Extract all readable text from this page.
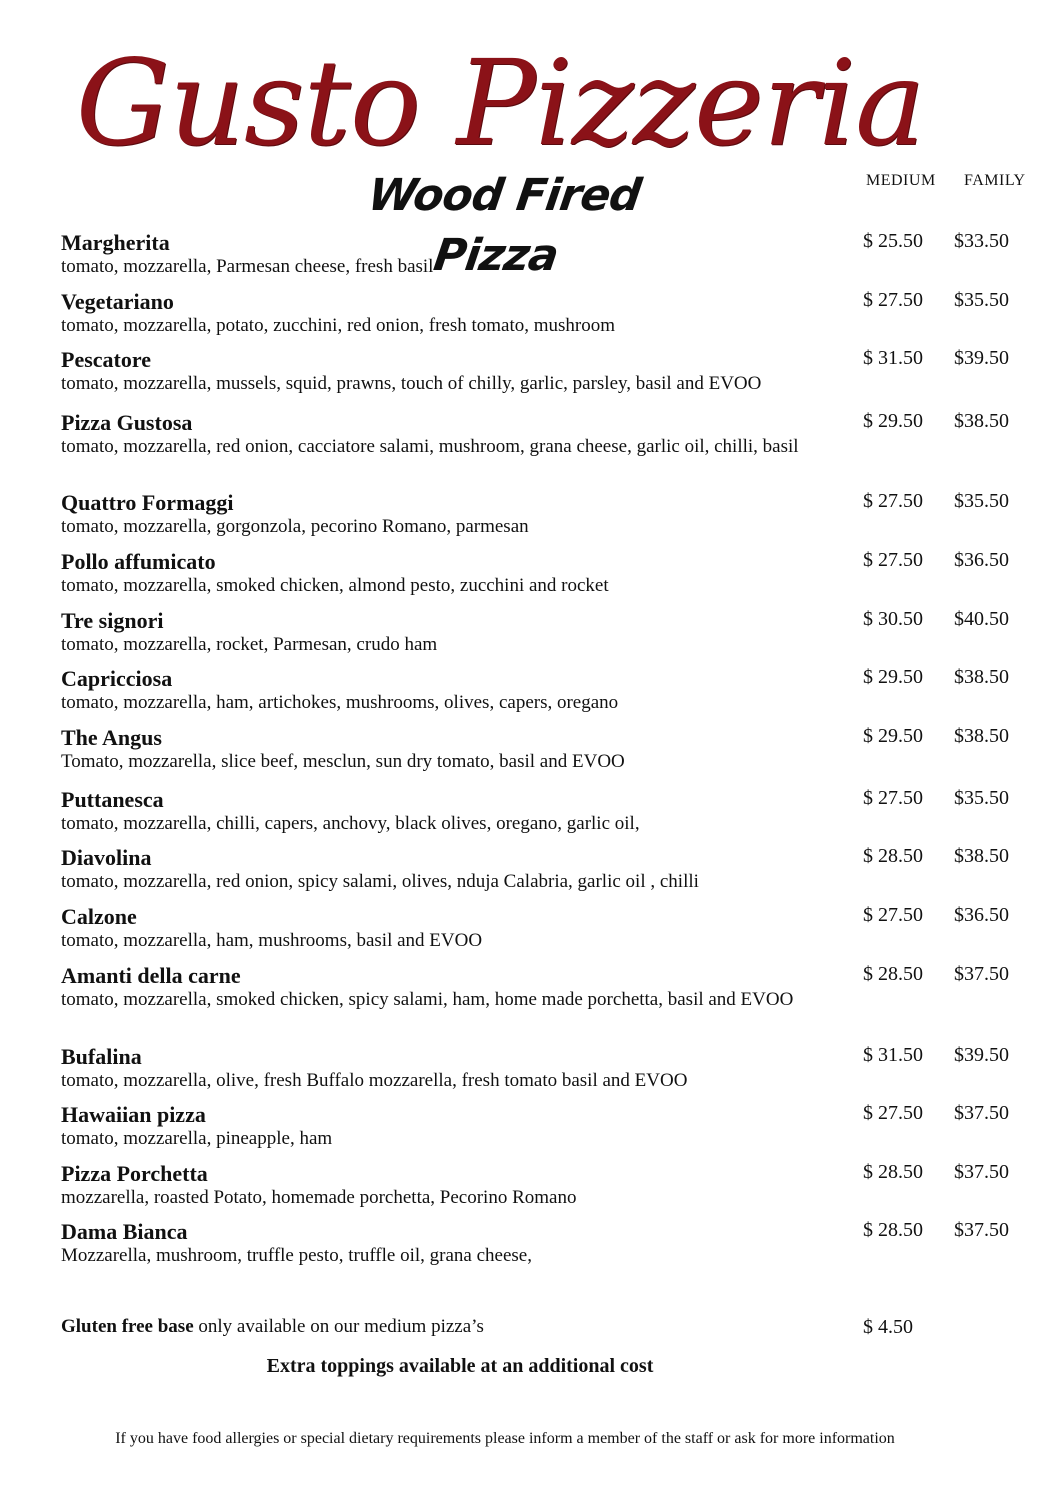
Gusto Pizzeria
Wood Fired Pizza
MEDIUM FAMILY
Margherita
tomato, mozzarella, Parmesan cheese, fresh basil
$ 25.50 $33.50
Vegetariano
tomato, mozzarella, potato, zucchini, red onion, fresh tomato, mushroom
$ 27.50 $35.50
Pescatore
tomato, mozzarella, mussels, squid, prawns, touch of chilly, garlic, parsley, basil and EVOO
$ 31.50 $39.50
Pizza Gustosa
tomato, mozzarella, red onion, cacciatore salami, mushroom, grana cheese, garlic oil, chilli, basil
$ 29.50 $38.50
Quattro Formaggi
tomato, mozzarella, gorgonzola, pecorino Romano, parmesan
$ 27.50 $35.50
Pollo affumicato
tomato, mozzarella, smoked chicken, almond pesto, zucchini and rocket
$ 27.50 $36.50
Tre signori
tomato, mozzarella, rocket, Parmesan, crudo ham
$ 30.50 $40.50
Capricciosa
tomato, mozzarella, ham, artichokes, mushrooms, olives, capers, oregano
$ 29.50 $38.50
The Angus
Tomato, mozzarella, slice beef, mesclun, sun dry tomato, basil and EVOO
$ 29.50 $38.50
Puttanesca
tomato, mozzarella, chilli, capers, anchovy, black olives, oregano, garlic oil,
$ 27.50 $35.50
Diavolina
tomato, mozzarella, red onion, spicy salami, olives, nduja Calabria, garlic oil , chilli
$ 28.50 $38.50
Calzone
tomato, mozzarella, ham, mushrooms, basil and EVOO
$ 27.50 $36.50
Amanti della carne
tomato, mozzarella, smoked chicken, spicy salami, ham, home made porchetta, basil and EVOO
$ 28.50 $37.50
Bufalina
tomato, mozzarella, olive, fresh Buffalo mozzarella, fresh tomato basil and EVOO
$ 31.50 $39.50
Hawaiian pizza
tomato, mozzarella, pineapple, ham
$ 27.50 $37.50
Pizza Porchetta
mozzarella, roasted Potato, homemade porchetta, Pecorino Romano
$ 28.50 $37.50
Dama Bianca
Mozzarella, mushroom, truffle pesto, truffle oil, grana cheese,
$ 28.50 $37.50
Gluten free base only available on our medium pizza’s	$ 4.50
Extra toppings available at an additional cost
If you have food allergies or special dietary requirements please inform a member of the staff or ask for more information
